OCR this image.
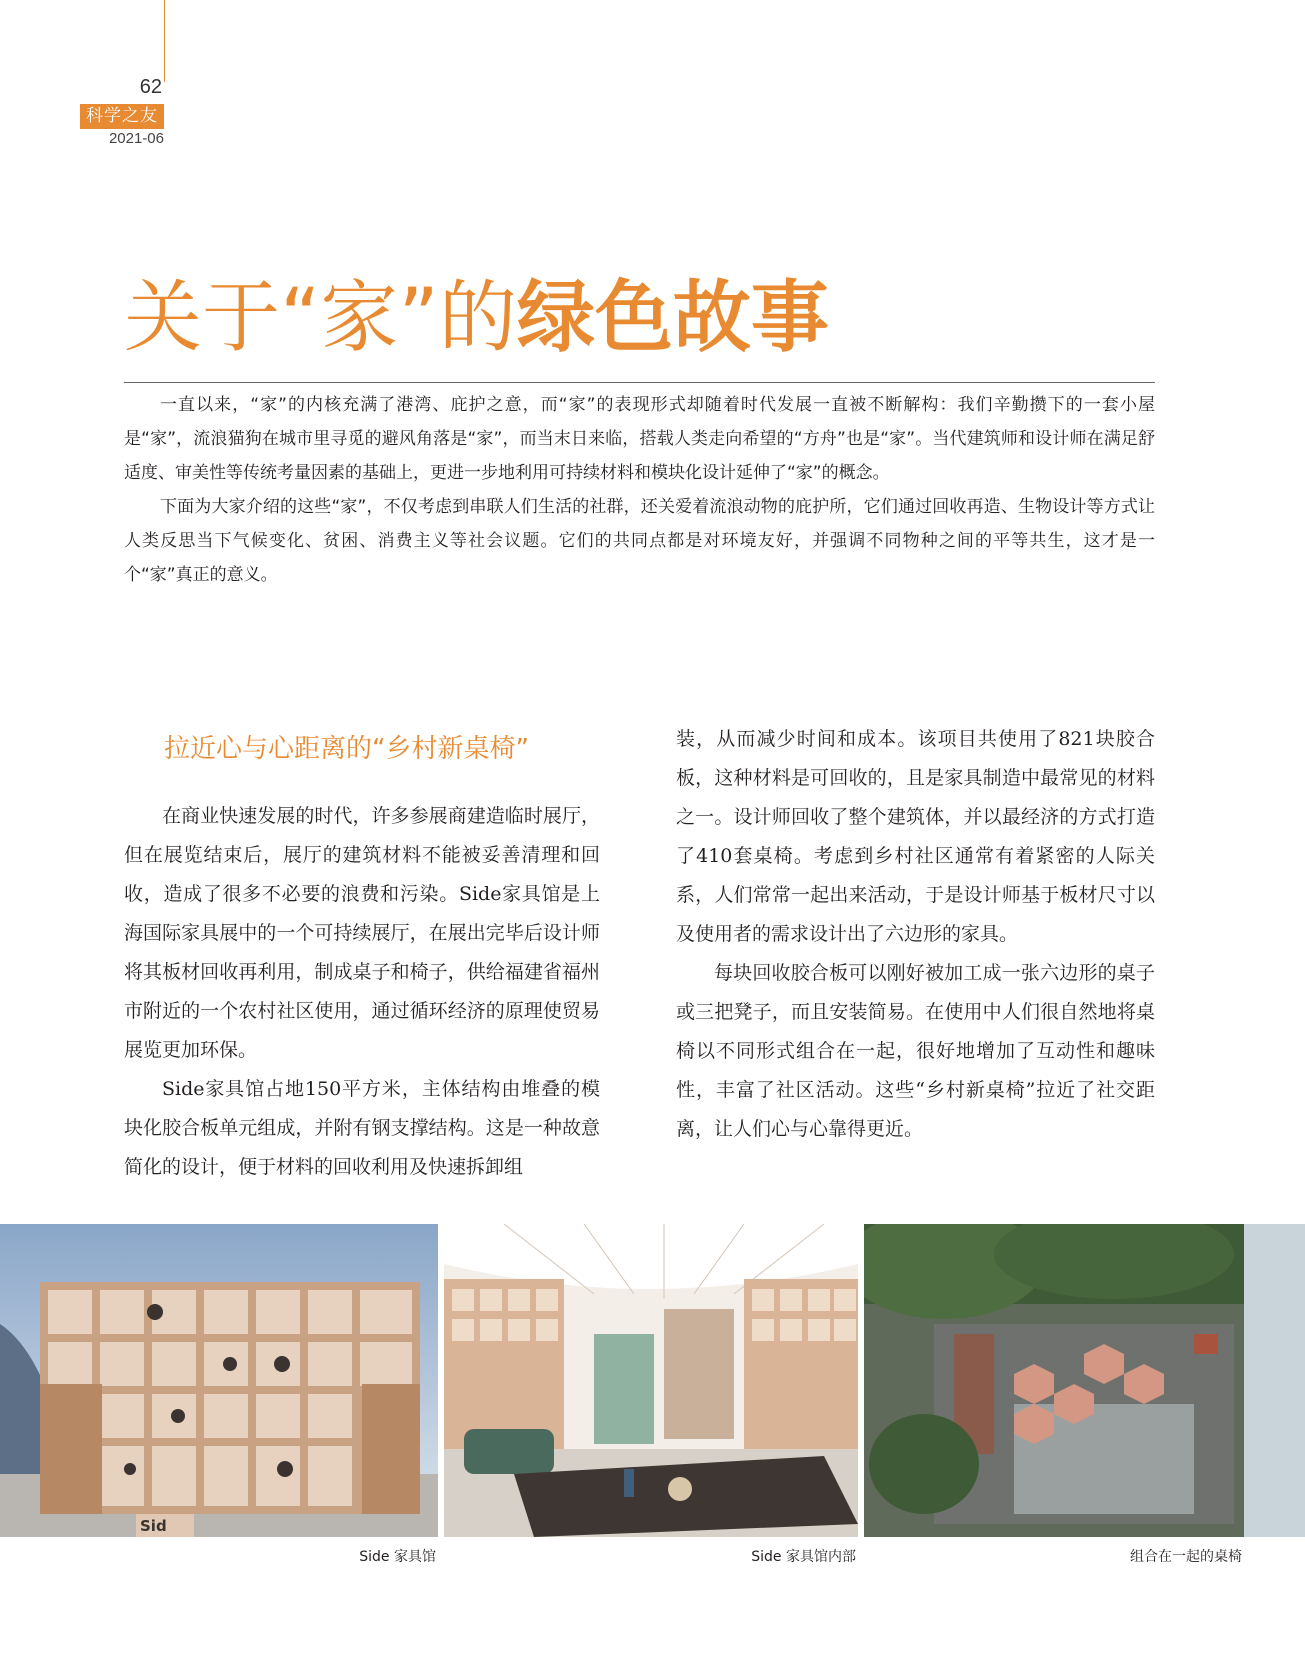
62
科学之友
2021-06
关于“家”的绿色故事

一直以来，“家”的内核充满了港湾、庇护之意，而“家”的表现形式却随着时代发展一直被不断解构：我们辛勤攒下的一套小屋是“家”，流浪猫狗在城市里寻觅的避风角落是“家”，而当末日来临，搭载人类走向希望的“方舟”也是“家”。当代建筑师和设计师在满足舒适度、审美性等传统考量因素的基础上，更进一步地利用可持续材料和模块化设计延伸了“家”的概念。

下面为大家介绍的这些“家”，不仅考虑到串联人们生活的社群，还关爱着流浪动物的庇护所，它们通过回收再造、生物设计等方式让人类反思当下气候变化、贫困、消费主义等社会议题。它们的共同点都是对环境友好，并强调不同物种之间的平等共生，这才是一个“家”真正的意义。

拉近心与心距离的“乡村新桌椅”

在商业快速发展的时代，许多参展商建造临时展厅，但在展览结束后，展厅的建筑材料不能被妥善清理和回收，造成了很多不必要的浪费和污染。Side家具馆是上海国际家具展中的一个可持续展厅，在展出完毕后设计师将其板材回收再利用，制成桌子和椅子，供给福建省福州市附近的一个农村社区使用，通过循环经济的原理使贸易展览更加环保。

Side家具馆占地150平方米，主体结构由堆叠的模块化胶合板单元组成，并附有钢支撑结构。这是一种故意简化的设计，便于材料的回收利用及快速拆卸组

装，从而减少时间和成本。该项目共使用了821块胶合板，这种材料是可回收的，且是家具制造中最常见的材料之一。设计师回收了整个建筑体，并以最经济的方式打造了410套桌椅。考虑到乡村社区通常有着紧密的人际关系，人们常常一起出来活动，于是设计师基于板材尺寸以及使用者的需求设计出了六边形的家具。

每块回收胶合板可以刚好被加工成一张六边形的桌子或三把凳子，而且安装简易。在使用中人们很自然地将桌椅以不同形式组合在一起，很好地增加了互动性和趣味性，丰富了社区活动。这些“乡村新桌椅”拉近了社交距离，让人们心与心靠得更近。

Sid
Side 家具馆	Side 家具馆内部	组合在一起的桌椅
